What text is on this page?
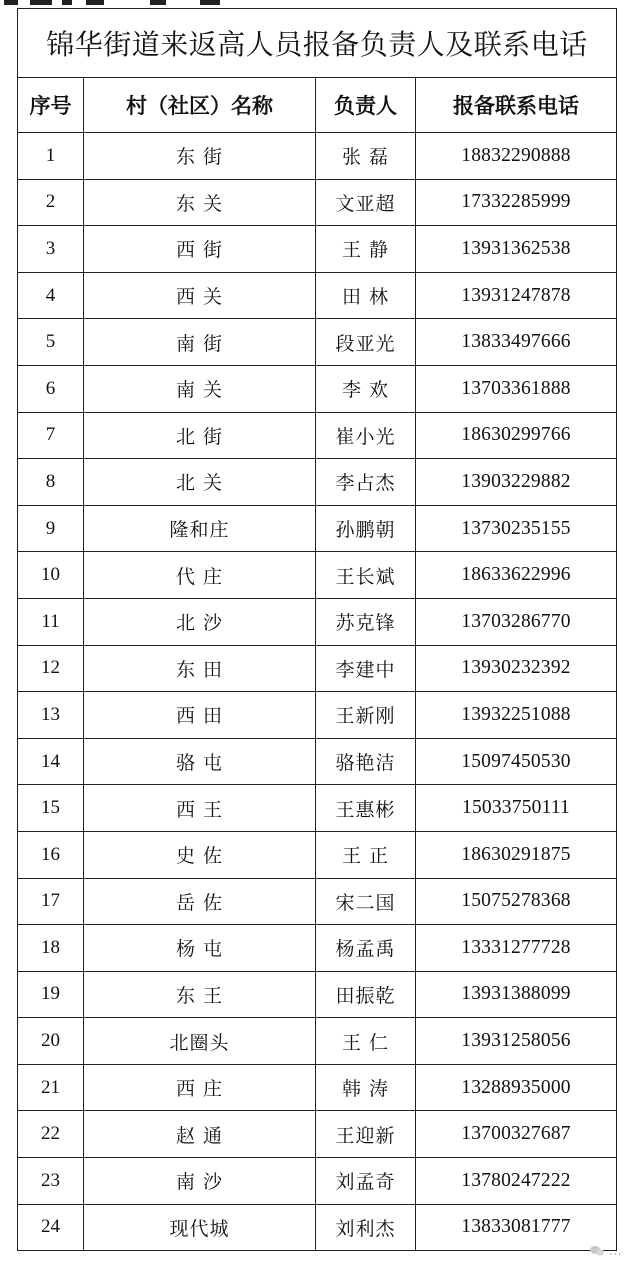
锦华街道来返高人员报备负责人及联系电话			
序号	村（社区）名称	负责人	报备联系电话
1	东 街	张 磊	18832290888
2	东 关	文亚超	17332285999
3	西 街	王 静	13931362538
4	西 关	田 林	13931247878
5	南 街	段亚光	13833497666
6	南 关	李 欢	13703361888
7	北 街	崔小光	18630299766
8	北 关	李占杰	13903229882
9	隆和庄	孙鹏朝	13730235155
10	代 庄	王长斌	18633622996
11	北 沙	苏克锋	13703286770
12	东 田	李建中	13930232392
13	西 田	王新刚	13932251088
14	骆 屯	骆艳洁	15097450530
15	西 王	王惠彬	15033750111
16	史 佐	王 正	18630291875
17	岳 佐	宋二国	15075278368
18	杨 屯	杨孟禹	13331277728
19	东 王	田振乾	13931388099
20	北圈头	王 仁	13931258056
21	西 庄	韩 涛	13288935000
22	赵 通	王迎新	13700327687
23	南 沙	刘孟奇	13780247222
24	现代城	刘利杰	13833081777
...
